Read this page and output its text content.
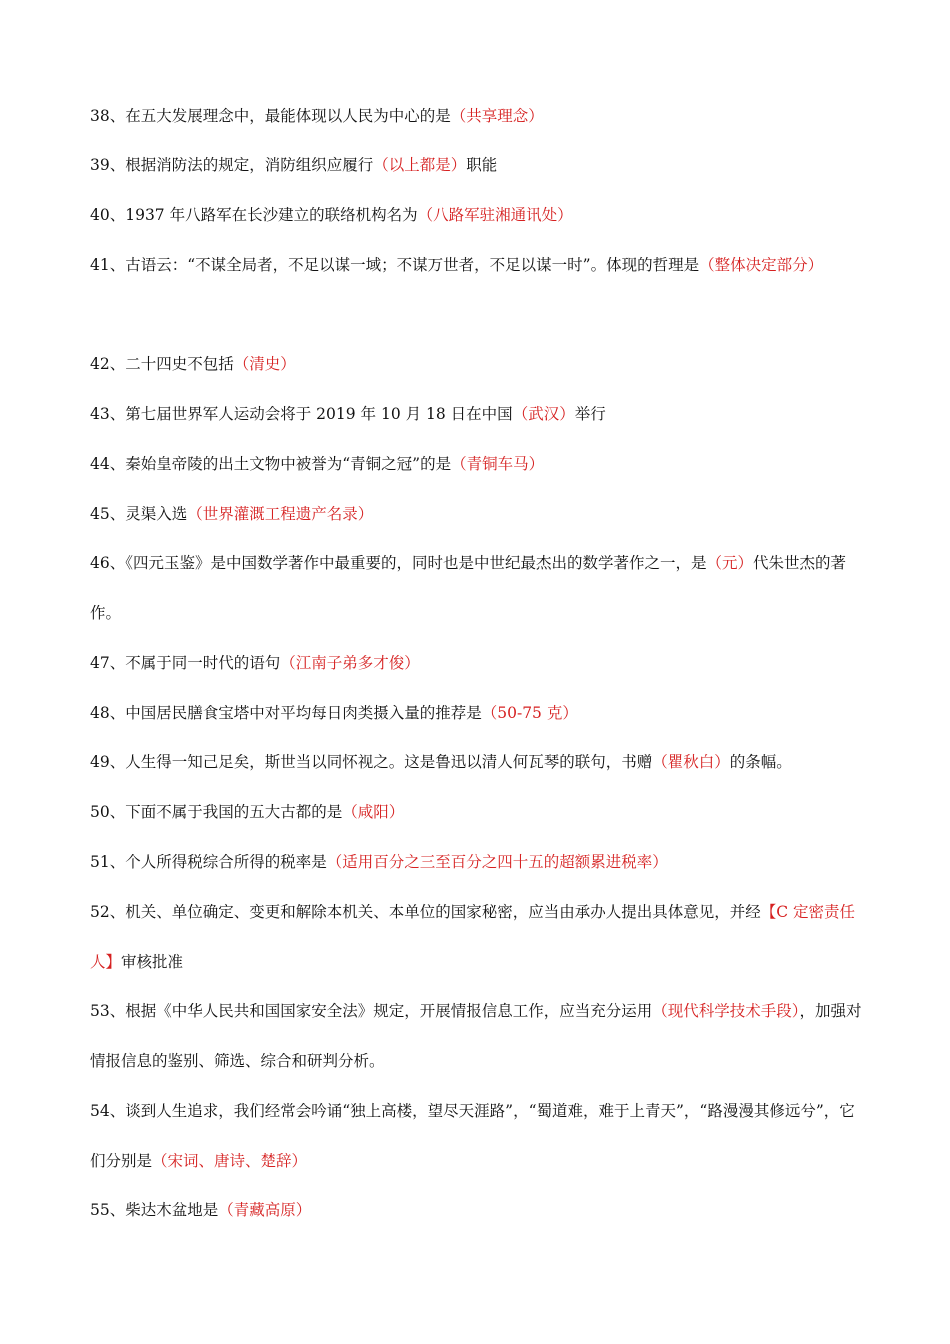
38、在五大发展理念中，最能体现以人民为中心的是（共享理念）
39、根据消防法的规定，消防组织应履行（以上都是）职能
40、1937 年八路军在长沙建立的联络机构名为（八路军驻湘通讯处）
41、古语云：“不谋全局者，不足以谋一域；不谋万世者，不足以谋一时”。体现的哲理是（整体决定部分）
42、二十四史不包括（清史）
43、第七届世界军人运动会将于 2019 年 10 月 18 日在中国（武汉）举行
44、秦始皇帝陵的出土文物中被誉为“青铜之冠”的是（青铜车马）
45、灵渠入选（世界灌溉工程遗产名录）
46、《四元玉鉴》是中国数学著作中最重要的，同时也是中世纪最杰出的数学著作之一，是（元）代朱世杰的著作。
47、不属于同一时代的语句（江南子弟多才俊）
48、中国居民膳食宝塔中对平均每日肉类摄入量的推荐是（50-75 克）
49、人生得一知己足矣，斯世当以同怀视之。这是鲁迅以清人何瓦琴的联句，书赠（瞿秋白）的条幅。
50、下面不属于我国的五大古都的是（咸阳）
51、个人所得税综合所得的税率是（适用百分之三至百分之四十五的超额累进税率）
52、机关、单位确定、变更和解除本机关、本单位的国家秘密，应当由承办人提出具体意见，并经【C 定密责任人】审核批准
53、根据《中华人民共和国国家安全法》规定，开展情报信息工作，应当充分运用（现代科学技术手段），加强对情报信息的鉴别、筛选、综合和研判分析。
54、谈到人生追求，我们经常会吟诵“独上高楼，望尽天涯路”，“蜀道难，难于上青天”，“路漫漫其修远兮”，它们分别是（宋词、唐诗、楚辞）
55、柴达木盆地是（青藏高原）
